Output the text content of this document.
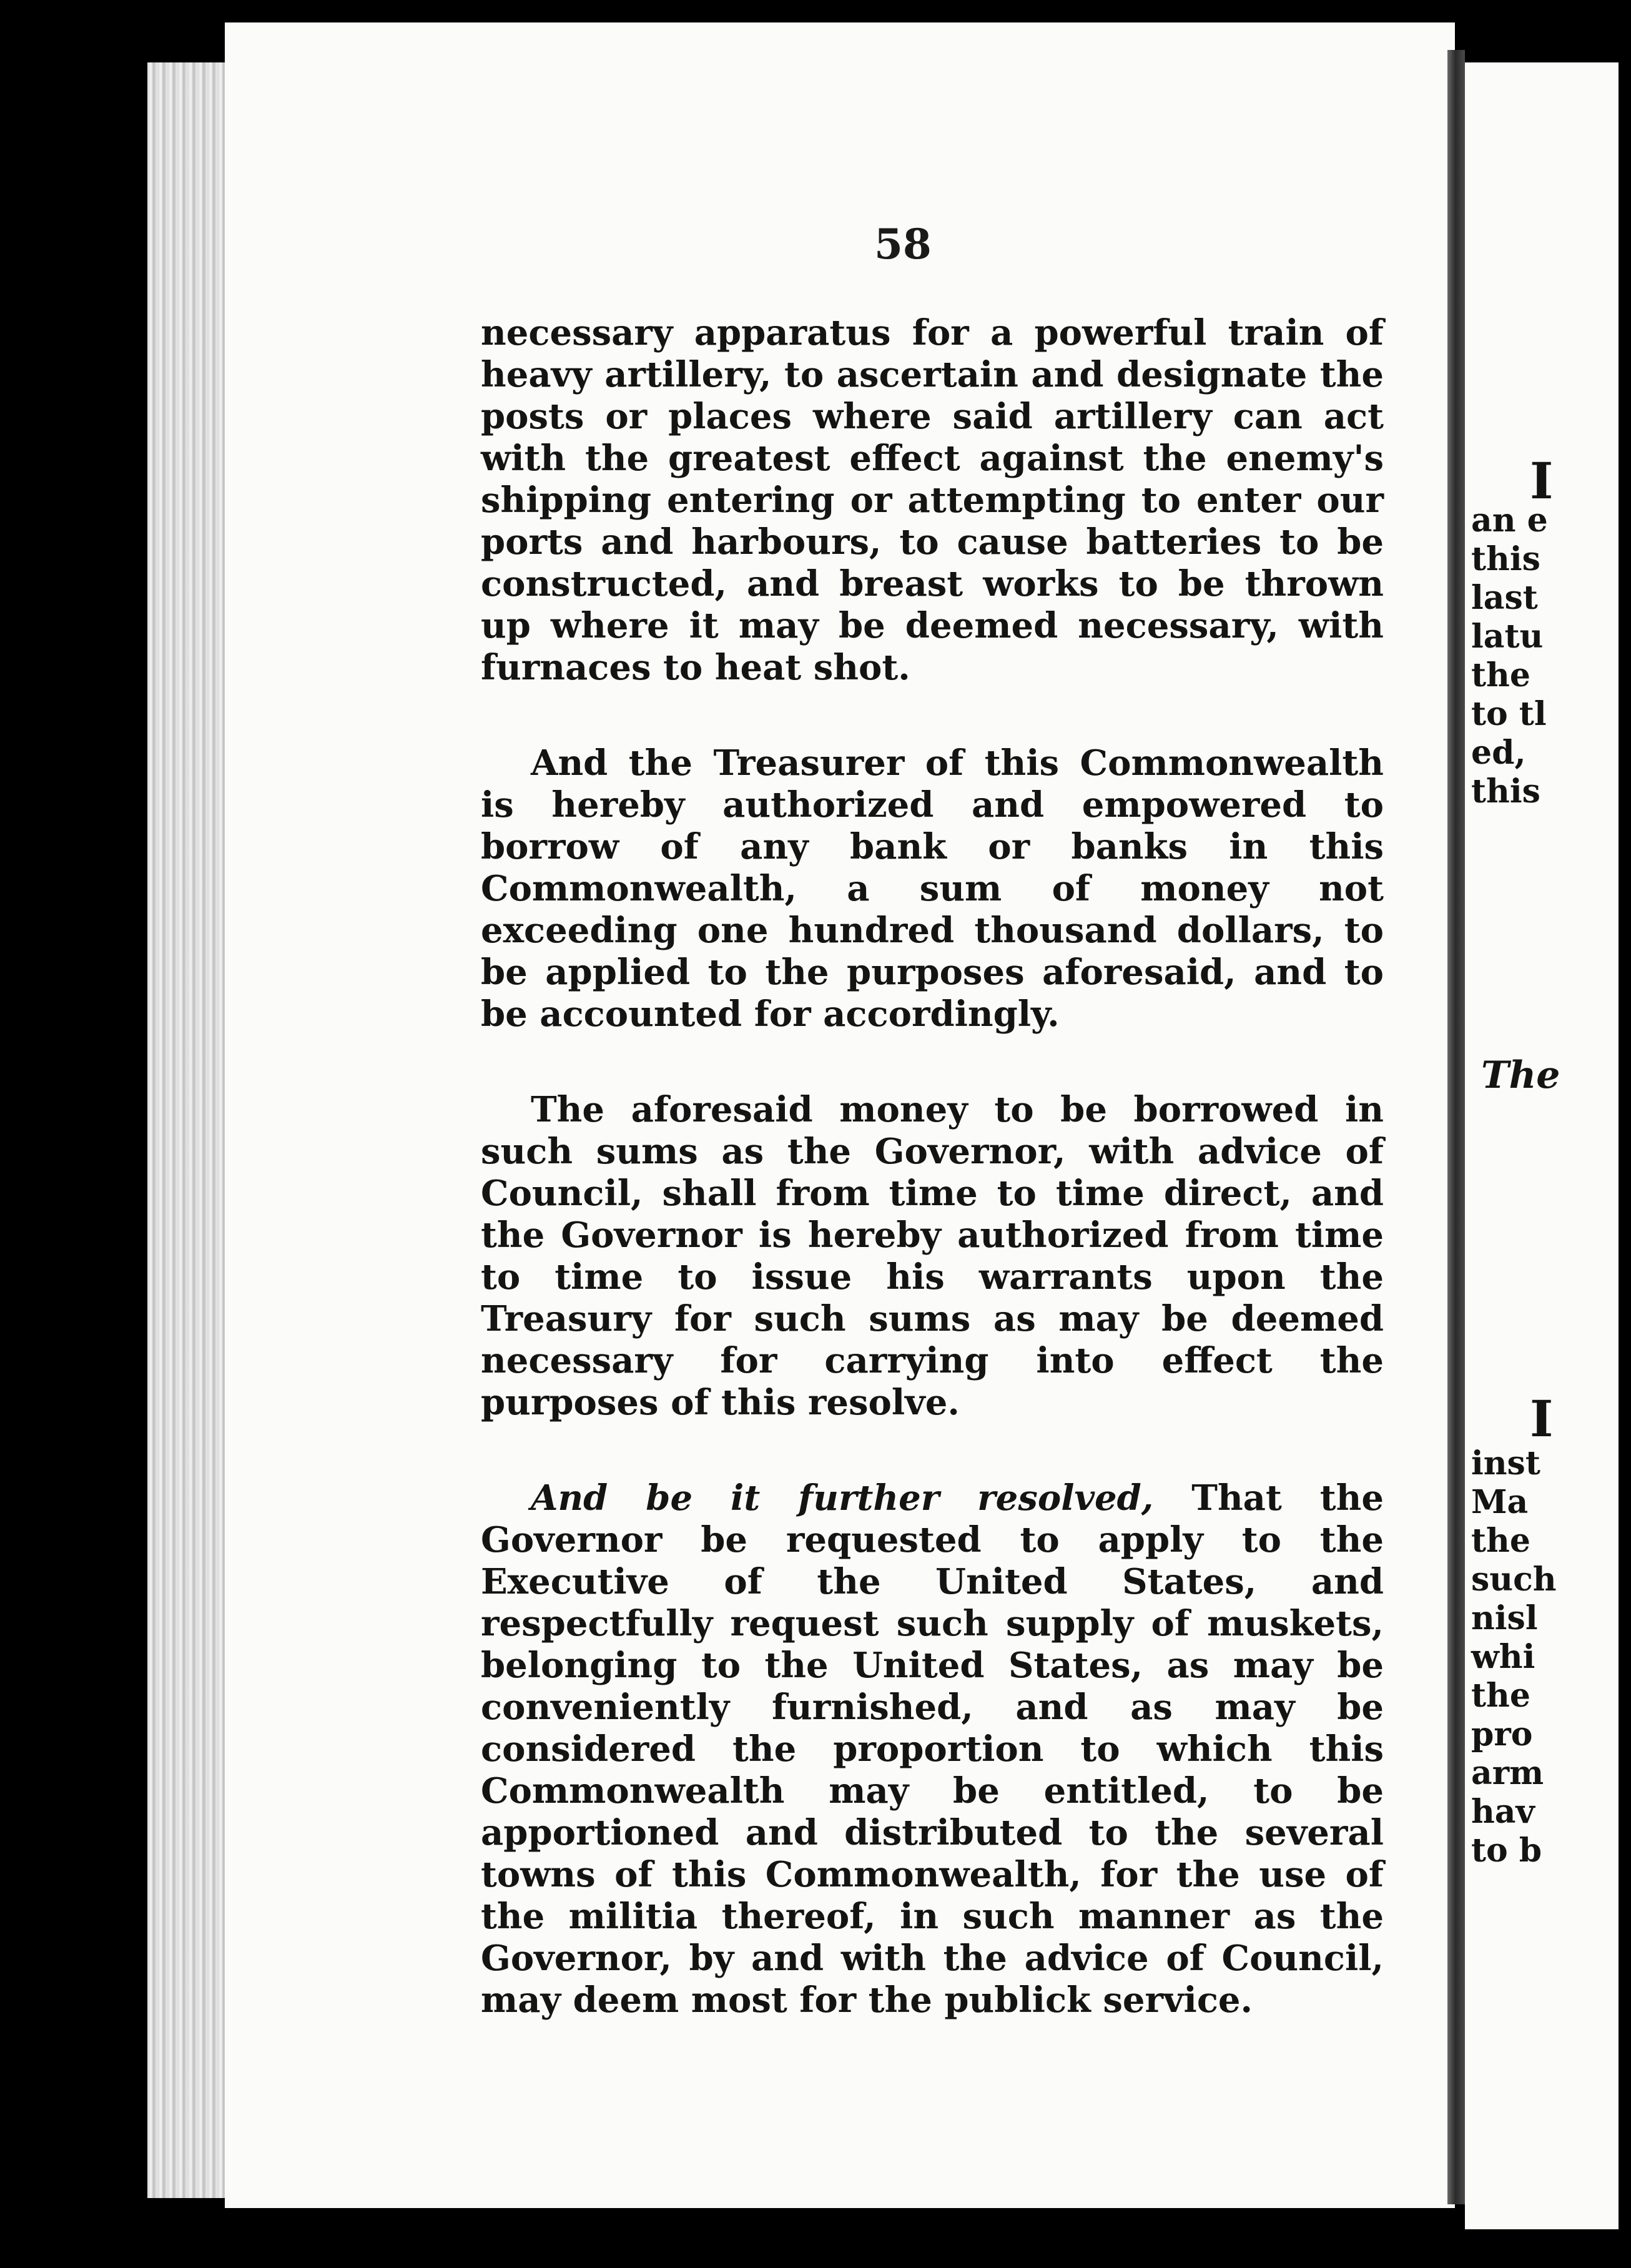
58

necessary apparatus for a powerful train of heavy artillery, to ascertain and designate the posts or places where said artillery can act with the greatest effect against the enemy's shipping entering or attempting to enter our ports and harbours, to cause batteries to be constructed, and breast works to be thrown up where it may be deemed necessary, with furnaces to heat shot.

And the Treasurer of this Commonwealth is hereby authorized and empowered to borrow of any bank or banks in this Commonwealth, a sum of money not exceeding one hundred thousand dollars, to be applied to the purposes aforesaid, and to be accounted for accordingly.

The aforesaid money to be borrowed in such sums as the Governor, with advice of Council, shall from time to time direct, and the Governor is hereby authorized from time to time to issue his warrants upon the Treasury for such sums as may be deemed necessary for carrying into effect the purposes of this resolve.

And be it further resolved, That the Governor be requested to apply to the Executive of the United States, and respectfully request such supply of muskets, belonging to the United States, as may be conveniently furnished, and as may be considered the proportion to which this Commonwealth may be entitled, to be apportioned and distributed to the several towns of this Commonwealth, for the use of the militia thereof, in such manner as the Governor, by and with the advice of Council, may deem most for the publick service.

I
an e
this
last
latu
the
to tl
ed,
this
The
I
inst
Ma
the
such
nisl
whi
the
pro
arm
hav
to b
